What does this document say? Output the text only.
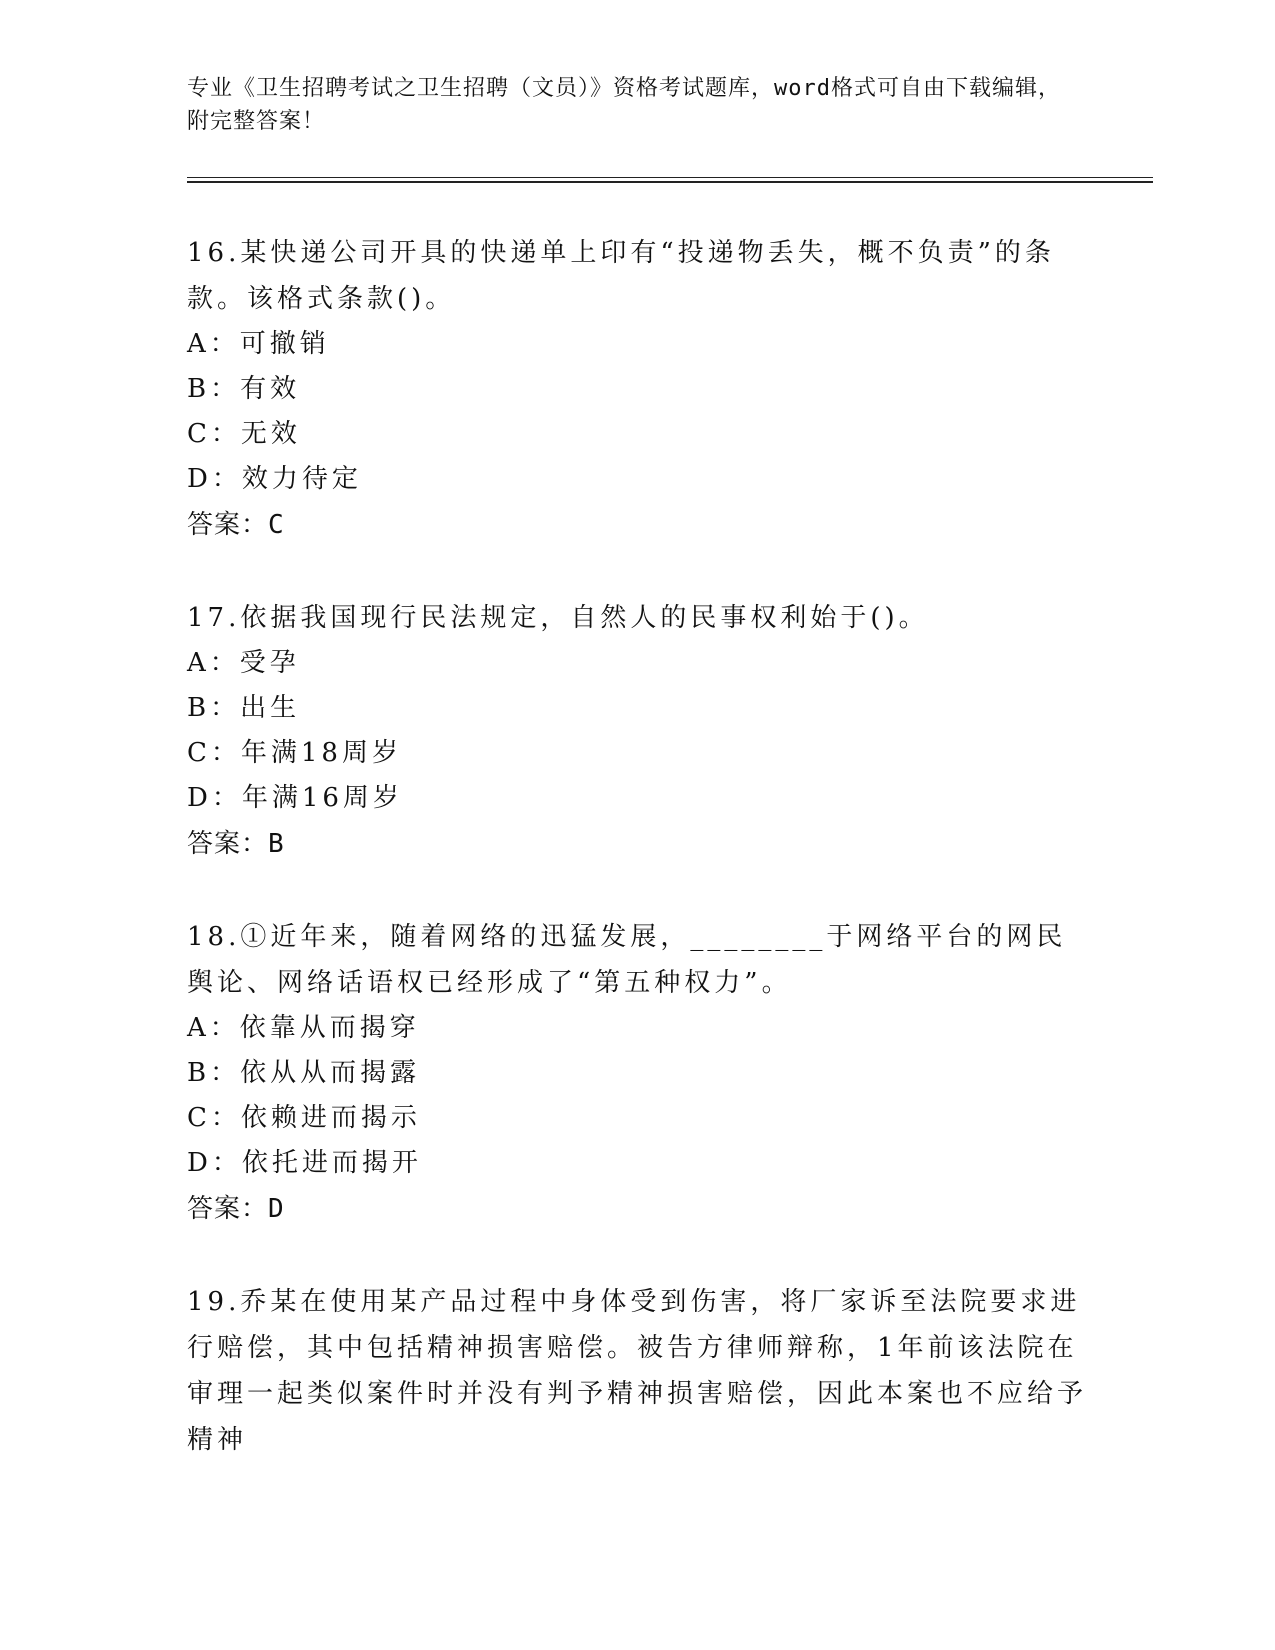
专业《卫生招聘考试之卫生招聘（文员）》资格考试题库，word格式可自由下载编辑，附完整答案！
16.某快递公司开具的快递单上印有“投递物丢失，概不负责”的条款。该格式条款()。
A：可撤销
B：有效
C：无效
D：效力待定
答案：C
17.依据我国现行民法规定，自然人的民事权利始于()。
A：受孕
B：出生
C：年满18周岁
D：年满16周岁
答案：B
18.①近年来，随着网络的迅猛发展，________于网络平台的网民舆论、网络话语权已经形成了“第五种权力”。
A：依靠从而揭穿
B：依从从而揭露
C：依赖进而揭示
D：依托进而揭开
答案：D
19.乔某在使用某产品过程中身体受到伤害，将厂家诉至法院要求进行赔偿，其中包括精神损害赔偿。被告方律师辩称，1年前该法院在审理一起类似案件时并没有判予精神损害赔偿，因此本案也不应给予精神
